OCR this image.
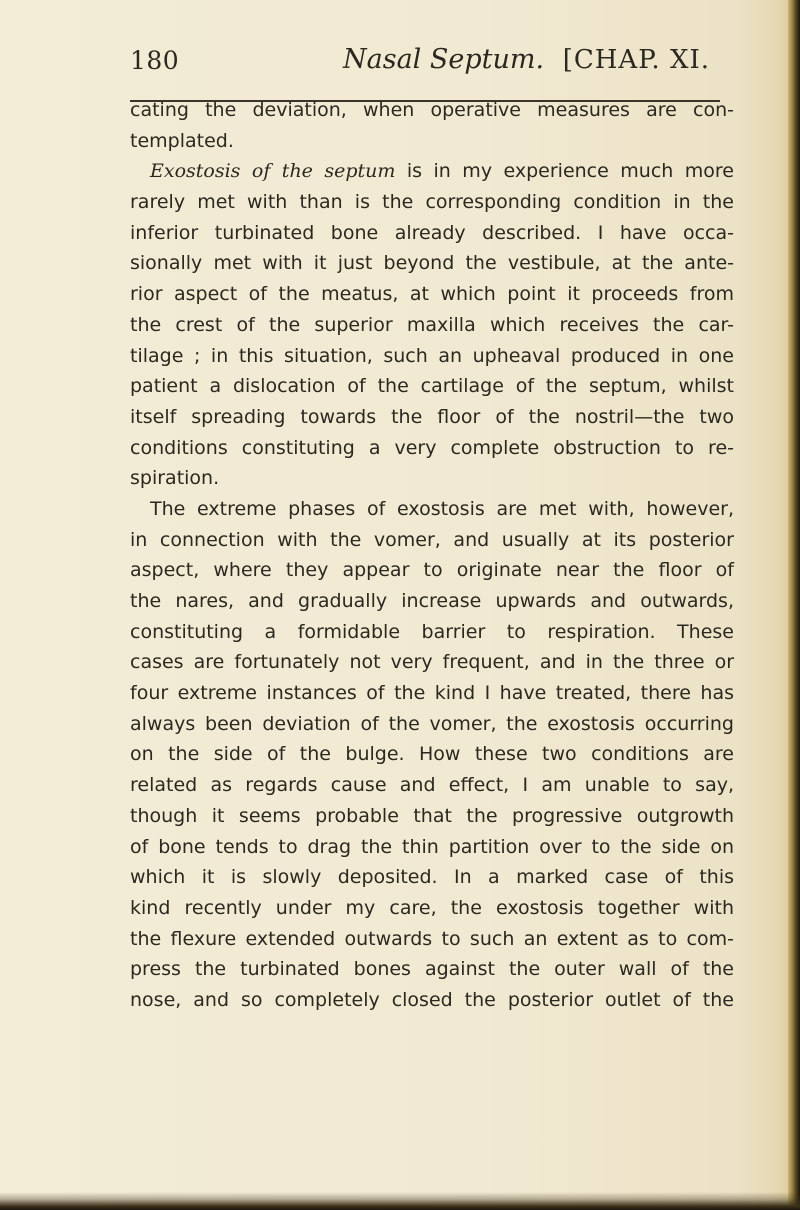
180	Nasal Septum. [CHAP. XI.
cating the deviation, when operative measures are con-
templated.
Exostosis of the septum is in my experience much more
rarely met with than is the corresponding condition in the
inferior turbinated bone already described. I have occa-
sionally met with it just beyond the vestibule, at the ante-
rior aspect of the meatus, at which point it proceeds from
the crest of the superior maxilla which receives the car-
tilage ; in this situation, such an upheaval produced in one
patient a dislocation of the cartilage of the septum, whilst
itself spreading towards the floor of the nostril—the two
conditions constituting a very complete obstruction to re-
spiration.
The extreme phases of exostosis are met with, however,
in connection with the vomer, and usually at its posterior
aspect, where they appear to originate near the floor of
the nares, and gradually increase upwards and outwards,
constituting a formidable barrier to respiration. These
cases are fortunately not very frequent, and in the three or
four extreme instances of the kind I have treated, there has
always been deviation of the vomer, the exostosis occurring
on the side of the bulge. How these two conditions are
related as regards cause and effect, I am unable to say,
though it seems probable that the progressive outgrowth
of bone tends to drag the thin partition over to the side on
which it is slowly deposited. In a marked case of this
kind recently under my care, the exostosis together with
the flexure extended outwards to such an extent as to com-
press the turbinated bones against the outer wall of the
nose, and so completely closed the posterior outlet of the
